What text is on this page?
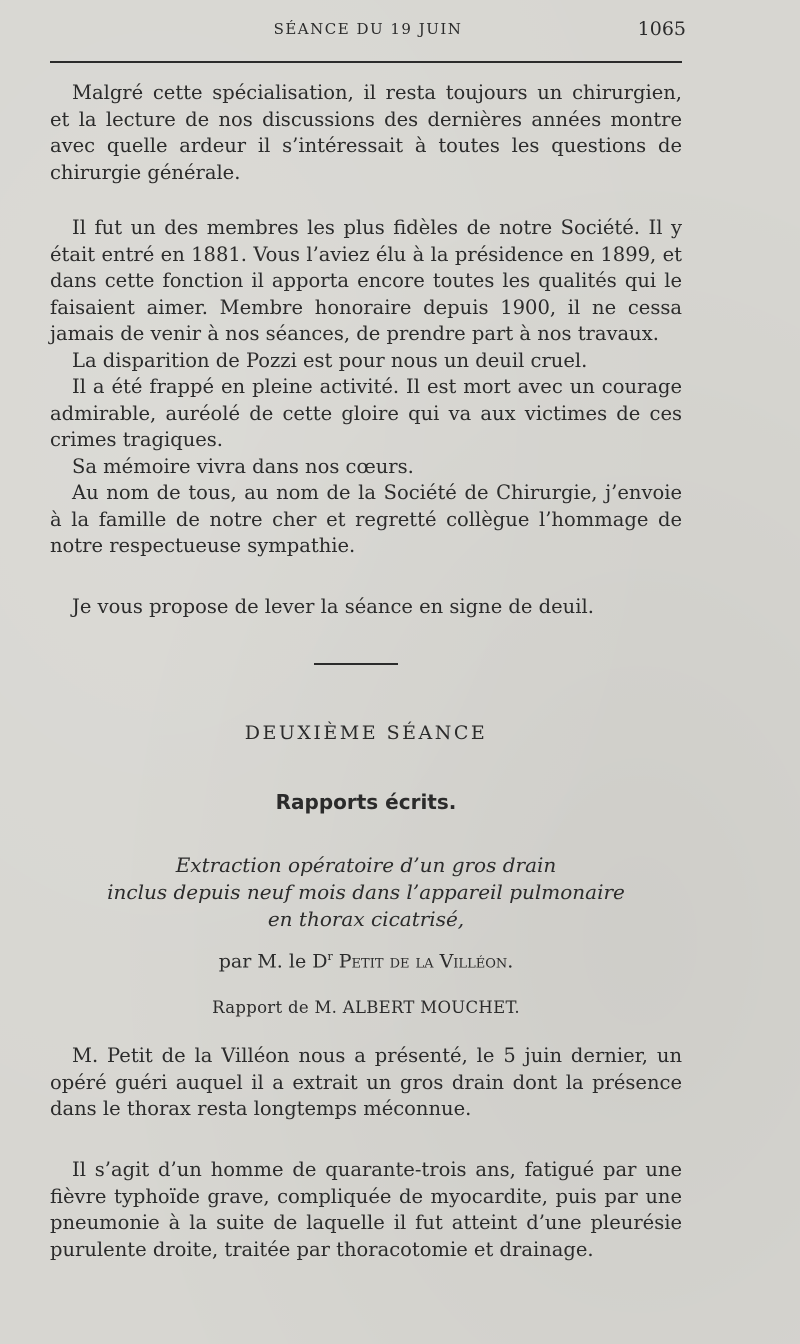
SÉANCE DU 19 JUIN	1065

Malgré cette spécialisation, il resta toujours un chirurgien, et la lecture de nos discussions des dernières années montre avec quelle ardeur il s’intéressait à toutes les questions de chirurgie générale.

Il fut un des membres les plus fidèles de notre Société. Il y était entré en 1881. Vous l’aviez élu à la présidence en 1899, et dans cette fonction il apporta encore toutes les qualités qui le faisaient aimer. Membre honoraire depuis 1900, il ne cessa jamais de venir à nos séances, de prendre part à nos travaux.

La disparition de Pozzi est pour nous un deuil cruel.

Il a été frappé en pleine activité. Il est mort avec un courage admirable, auréolé de cette gloire qui va aux victimes de ces crimes tragiques.

Sa mémoire vivra dans nos cœurs.

Au nom de tous, au nom de la Société de Chirurgie, j’envoie à la famille de notre cher et regretté collègue l’hommage de notre respectueuse sympathie.

Je vous propose de lever la séance en signe de deuil.

DEUXIÈME SÉANCE
Rapports écrits.
Extraction opératoire d’un gros drain
inclus depuis neuf mois dans l’appareil pulmonaire
en thorax cicatrisé,
par M. le $D^r$ Petit de la Villéon.
Rapport de M. ALBERT MOUCHET.

M. Petit de la Villéon nous a présenté, le 5 juin dernier, un opéré guéri auquel il a extrait un gros drain dont la présence dans le thorax resta longtemps méconnue.

Il s’agit d’un homme de quarante-trois ans, fatigué par une fièvre typhoïde grave, compliquée de myocardite, puis par une pneumonie à la suite de laquelle il fut atteint d’une pleurésie purulente droite, traitée par thoracotomie et drainage.
